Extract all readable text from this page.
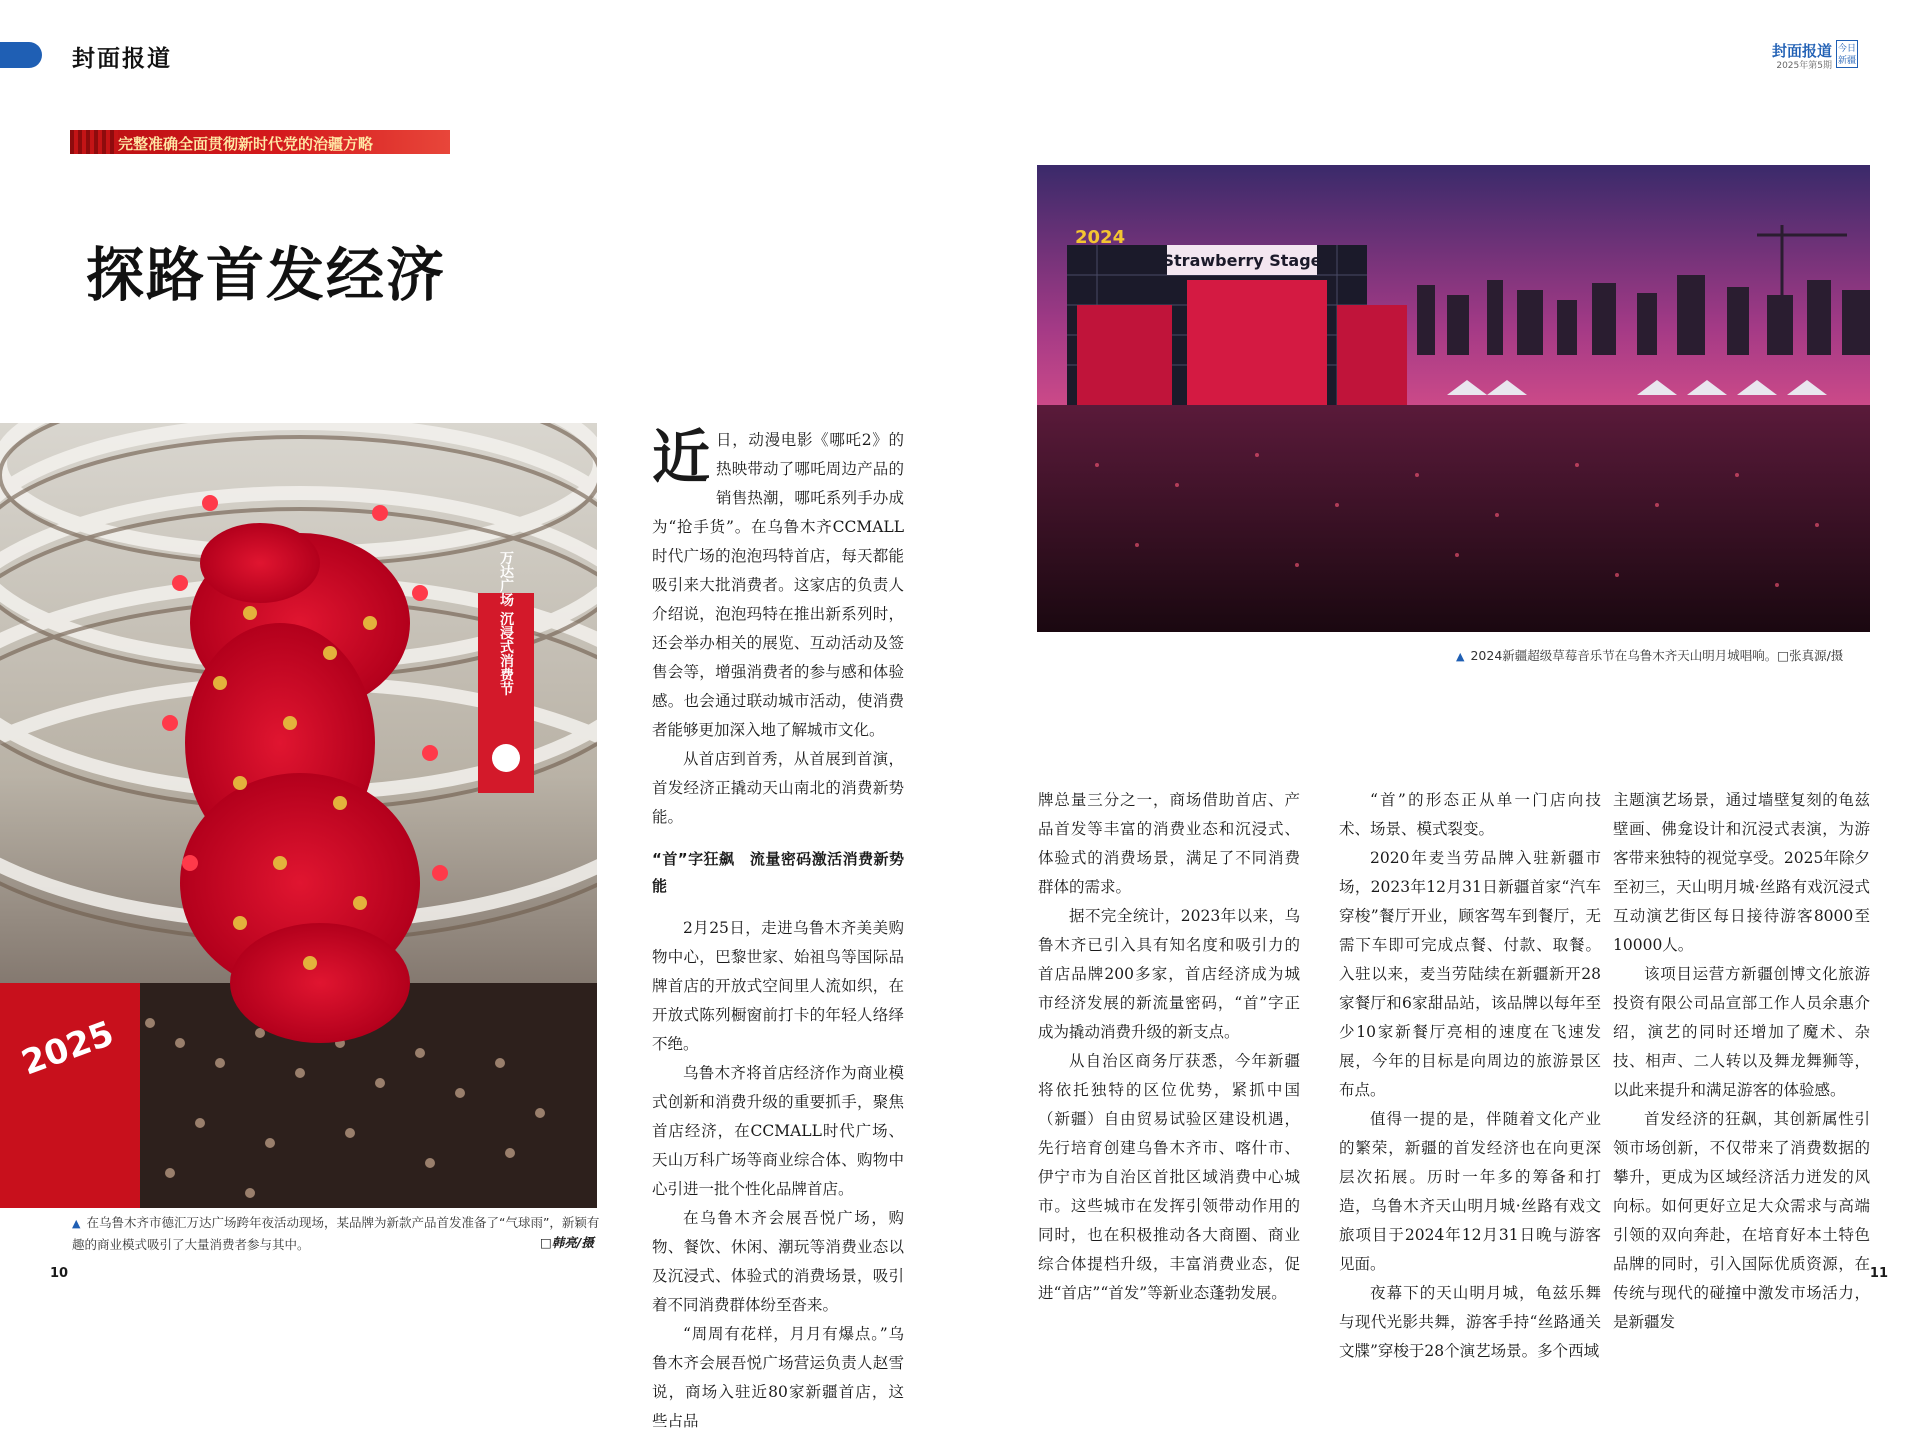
封面报道	封面报道
2025年第5期
今日新疆
完整准确全面贯彻新时代党的治疆方略
探路首发经济
2025
万达广场 沉浸式消费节
▲ 在乌鲁木齐市德汇万达广场跨年夜活动现场，某品牌为新款产品首发准备了“气球雨”，新颖有趣的商业模式吸引了大量消费者参与其中。	□韩亮/摄
Strawberry Stage
2024
▲ 2024新疆超级草莓音乐节在乌鲁木齐天山明月城唱响。□张真源/摄

近日，动漫电影《哪吒2》的热映带动了哪吒周边产品的销售热潮，哪吒系列手办成为“抢手货”。在乌鲁木齐CCMALL时代广场的泡泡玛特首店，每天都能吸引来大批消费者。这家店的负责人介绍说，泡泡玛特在推出新系列时，还会举办相关的展览、互动活动及签售会等，增强消费者的参与感和体验感。也会通过联动城市活动，使消费者能够更加深入地了解城市文化。

从首店到首秀，从首展到首演，首发经济正撬动天山南北的消费新势能。

“首”字狂飙　流量密码激活消费新势能

2月25日，走进乌鲁木齐美美购物中心，巴黎世家、始祖鸟等国际品牌首店的开放式空间里人流如织，在开放式陈列橱窗前打卡的年轻人络绎不绝。

乌鲁木齐将首店经济作为商业模式创新和消费升级的重要抓手，聚焦首店经济，在CCMALL时代广场、天山万科广场等商业综合体、购物中心引进一批个性化品牌首店。

在乌鲁木齐会展吾悦广场，购物、餐饮、休闲、潮玩等消费业态以及沉浸式、体验式的消费场景，吸引着不同消费群体纷至沓来。

“周周有花样，月月有爆点。”乌鲁木齐会展吾悦广场营运负责人赵雪说，商场入驻近80家新疆首店，这些占品

牌总量三分之一，商场借助首店、产品首发等丰富的消费业态和沉浸式、体验式的消费场景，满足了不同消费群体的需求。

据不完全统计，2023年以来，乌鲁木齐已引入具有知名度和吸引力的首店品牌200多家，首店经济成为城市经济发展的新流量密码，“首”字正成为撬动消费升级的新支点。

从自治区商务厅获悉，今年新疆将依托独特的区位优势，紧抓中国（新疆）自由贸易试验区建设机遇，先行培育创建乌鲁木齐市、喀什市、伊宁市为自治区首批区域消费中心城市。这些城市在发挥引领带动作用的同时，也在积极推动各大商圈、商业综合体提档升级，丰富消费业态，促进“首店”“首发”等新业态蓬勃发展。

“首”的形态正从单一门店向技术、场景、模式裂变。

2020年麦当劳品牌入驻新疆市场，2023年12月31日新疆首家“汽车穿梭”餐厅开业，顾客驾车到餐厅，无需下车即可完成点餐、付款、取餐。入驻以来，麦当劳陆续在新疆新开28家餐厅和6家甜品站，该品牌以每年至少10家新餐厅亮相的速度在飞速发展，今年的目标是向周边的旅游景区布点。

值得一提的是，伴随着文化产业的繁荣，新疆的首发经济也在向更深层次拓展。历时一年多的筹备和打造，乌鲁木齐天山明月城·丝路有戏文旅项目于2024年12月31日晚与游客见面。

夜幕下的天山明月城，龟兹乐舞与现代光影共舞，游客手持“丝路通关文牒”穿梭于28个演艺场景。多个西域

主题演艺场景，通过墙壁复刻的龟兹壁画、佛龛设计和沉浸式表演，为游客带来独特的视觉享受。2025年除夕至初三，天山明月城·丝路有戏沉浸式互动演艺街区每日接待游客8000至10000人。

该项目运营方新疆创博文化旅游投资有限公司品宣部工作人员余惠介绍，演艺的同时还增加了魔术、杂技、相声、二人转以及舞龙舞狮等，以此来提升和满足游客的体验感。

首发经济的狂飙，其创新属性引领市场创新，不仅带来了消费数据的攀升，更成为区域经济活力迸发的风向标。如何更好立足大众需求与高端引领的双向奔赴，在培育好本土特色品牌的同时，引入国际优质资源，在传统与现代的碰撞中激发市场活力，是新疆发

10	11
